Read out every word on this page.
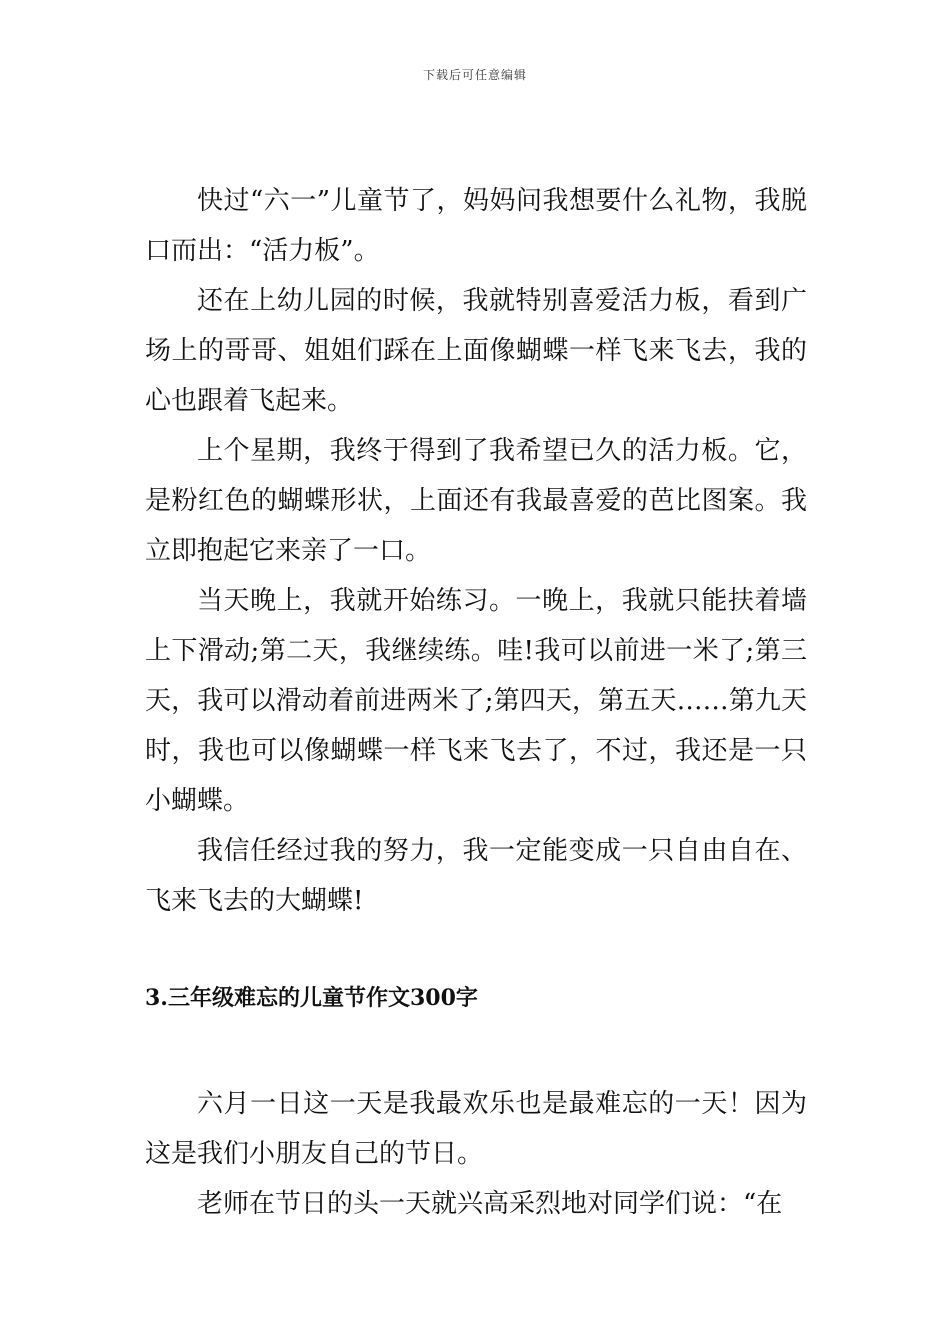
下载后可任意编辑

快过“六一”儿童节了，妈妈问我想要什么礼物，我脱口而出：“活力板”。

还在上幼儿园的时候，我就特别喜爱活力板，看到广场上的哥哥、姐姐们踩在上面像蝴蝶一样飞来飞去，我的心也跟着飞起来。

上个星期，我终于得到了我希望已久的活力板。它，是粉红色的蝴蝶形状，上面还有我最喜爱的芭比图案。我立即抱起它来亲了一口。

当天晚上，我就开始练习。一晚上，我就只能扶着墙上下滑动;第二天，我继续练。哇!我可以前进一米了;第三天，我可以滑动着前进两米了;第四天，第五天……第九天时，我也可以像蝴蝶一样飞来飞去了，不过，我还是一只小蝴蝶。

我信任经过我的努力，我一定能变成一只自由自在、飞来飞去的大蝴蝶!

3.三年级难忘的儿童节作文300字

六月一日这一天是我最欢乐也是最难忘的一天！因为这是我们小朋友自己的节日。

老师在节日的头一天就兴高采烈地对同学们说：“在
